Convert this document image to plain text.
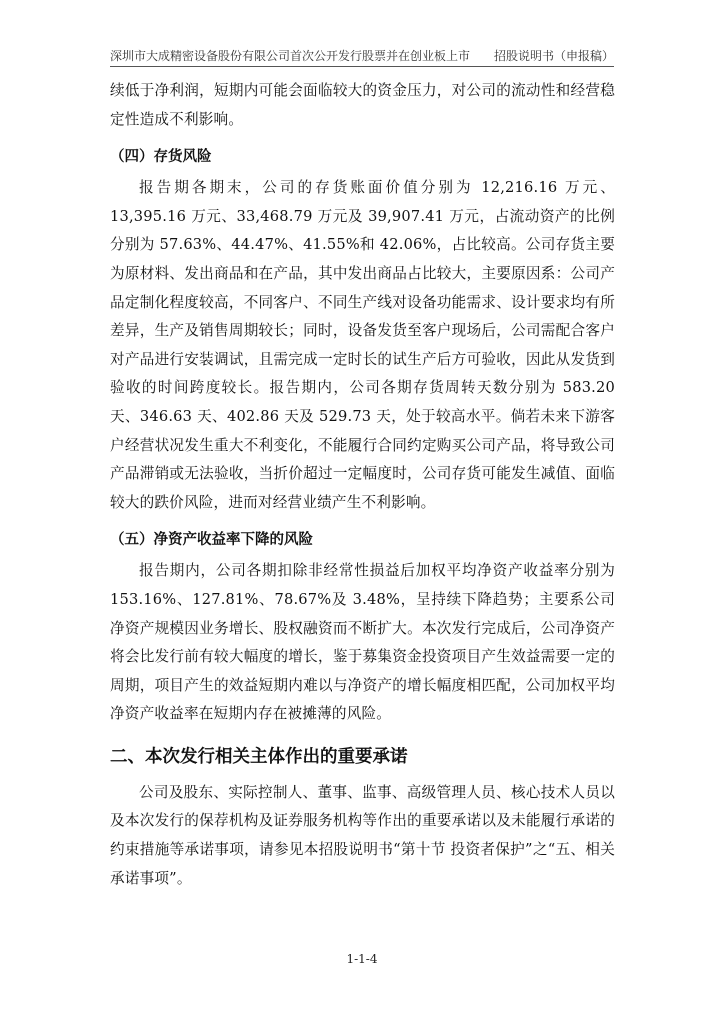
深圳市大成精密设备股份有限公司首次公开发行股票并在创业板上市 招股说明书（申报稿）

续低于净利润，短期内可能会面临较大的资金压力，对公司的流动性和经营稳定性造成不利影响。

（四）存货风险

报告期各期末，公司的存货账面价值分别为 12,216.16 万元、13,395.16 万元、33,468.79 万元及 39,907.41 万元，占流动资产的比例分别为 57.63%、44.47%、41.55%和 42.06%，占比较高。公司存货主要为原材料、发出商品和在产品，其中发出商品占比较大，主要原因系：公司产品定制化程度较高，不同客户、不同生产线对设备功能需求、设计要求均有所差异，生产及销售周期较长；同时，设备发货至客户现场后，公司需配合客户对产品进行安装调试，且需完成一定时长的试生产后方可验收，因此从发货到验收的时间跨度较长。报告期内，公司各期存货周转天数分别为 583.20 天、346.63 天、402.86 天及 529.73 天，处于较高水平。倘若未来下游客户经营状况发生重大不利变化，不能履行合同约定购买公司产品，将导致公司产品滞销或无法验收，当折价超过一定幅度时，公司存货可能发生减值、面临较大的跌价风险，进而对经营业绩产生不利影响。

（五）净资产收益率下降的风险

报告期内，公司各期扣除非经常性损益后加权平均净资产收益率分别为 153.16%、127.81%、78.67%及 3.48%，呈持续下降趋势；主要系公司净资产规模因业务增长、股权融资而不断扩大。本次发行完成后，公司净资产将会比发行前有较大幅度的增长，鉴于募集资金投资项目产生效益需要一定的周期，项目产生的效益短期内难以与净资产的增长幅度相匹配，公司加权平均净资产收益率在短期内存在被摊薄的风险。

二、本次发行相关主体作出的重要承诺

公司及股东、实际控制人、董事、监事、高级管理人员、核心技术人员以及本次发行的保荐机构及证券服务机构等作出的重要承诺以及未能履行承诺的约束措施等承诺事项，请参见本招股说明书“第十节 投资者保护”之“五、相关承诺事项”。

1-1-4
